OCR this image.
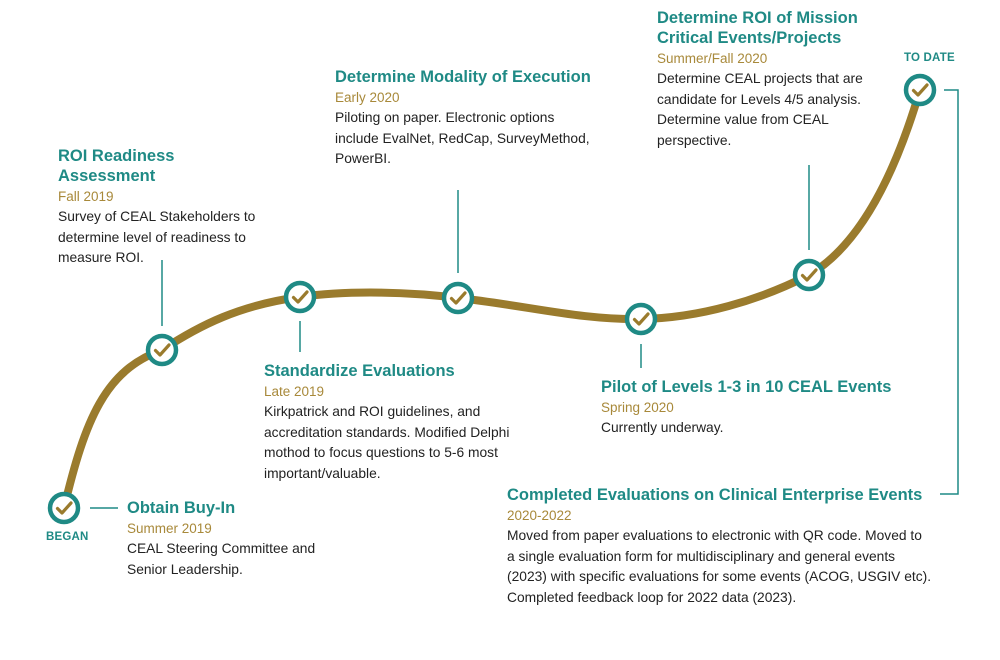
BEGAN
TO DATE
Obtain Buy-In
Summer 2019
CEAL Steering Committee and Senior Leadership.
ROI Readiness Assessment
Fall 2019
Survey of CEAL Stakeholders to determine level of readiness to measure ROI.
Standardize Evaluations
Late 2019
Kirkpatrick and ROI guidelines, and accreditation standards. Modified Delphi mothod to focus questions to 5-6 most important/valuable.
Determine Modality of Execution
Early 2020
Piloting on paper. Electronic options include EvalNet, RedCap, SurveyMethod, PowerBI.
Pilot of Levels 1-3 in 10 CEAL Events
Spring 2020
Currently underway.
Determine ROI of Mission Critical Events/Projects
Summer/Fall 2020
Determine CEAL projects that are candidate for Levels 4/5 analysis. Determine value from CEAL perspective.
Completed Evaluations on Clinical Enterprise Events
2020-2022
Moved from paper evaluations to electronic with QR code. Moved to a single evaluation form for multidisciplinary and general events (2023) with specific evaluations for some events (ACOG, USGIV etc). Completed feedback loop for 2022 data (2023).
